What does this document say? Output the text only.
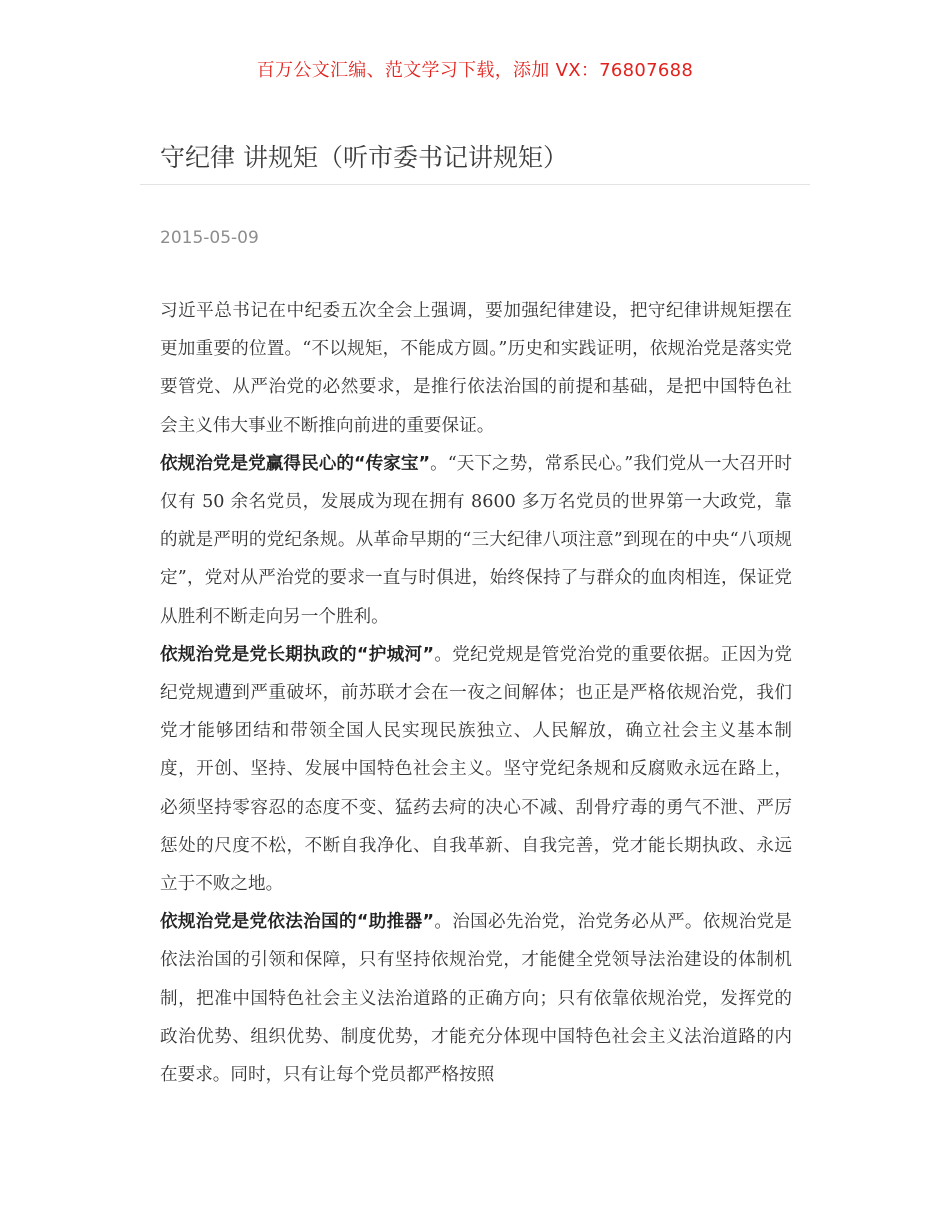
百万公文汇编、范文学习下载，添加 VX：76807688
守纪律 讲规矩（听市委书记讲规矩）
2015-05-09

习近平总书记在中纪委五次全会上强调，要加强纪律建设，把守纪律讲规矩摆在更加重要的位置。“不以规矩，不能成方圆。”历史和实践证明，依规治党是落实党要管党、从严治党的必然要求，是推行依法治国的前提和基础，是把中国特色社会主义伟大事业不断推向前进的重要保证。

依规治党是党赢得民心的“传家宝”。“天下之势，常系民心。”我们党从一大召开时仅有 50 余名党员，发展成为现在拥有 8600 多万名党员的世界第一大政党，靠的就是严明的党纪条规。从革命早期的“三大纪律八项注意”到现在的中央“八项规定”，党对从严治党的要求一直与时俱进，始终保持了与群众的血肉相连，保证党从胜利不断走向另一个胜利。

依规治党是党长期执政的“护城河”。党纪党规是管党治党的重要依据。正因为党纪党规遭到严重破坏，前苏联才会在一夜之间解体；也正是严格依规治党，我们党才能够团结和带领全国人民实现民族独立、人民解放，确立社会主义基本制度，开创、坚持、发展中国特色社会主义。坚守党纪条规和反腐败永远在路上，必须坚持零容忍的态度不变、猛药去疴的决心不减、刮骨疗毒的勇气不泄、严厉惩处的尺度不松，不断自我净化、自我革新、自我完善，党才能长期执政、永远立于不败之地。

依规治党是党依法治国的“助推器”。治国必先治党，治党务必从严。依规治党是依法治国的引领和保障，只有坚持依规治党，才能健全党领导法治建设的体制机制，把准中国特色社会主义法治道路的正确方向；只有依靠依规治党，发挥党的政治优势、组织优势、制度优势，才能充分体现中国特色社会主义法治道路的内在要求。同时，只有让每个党员都严格按照
